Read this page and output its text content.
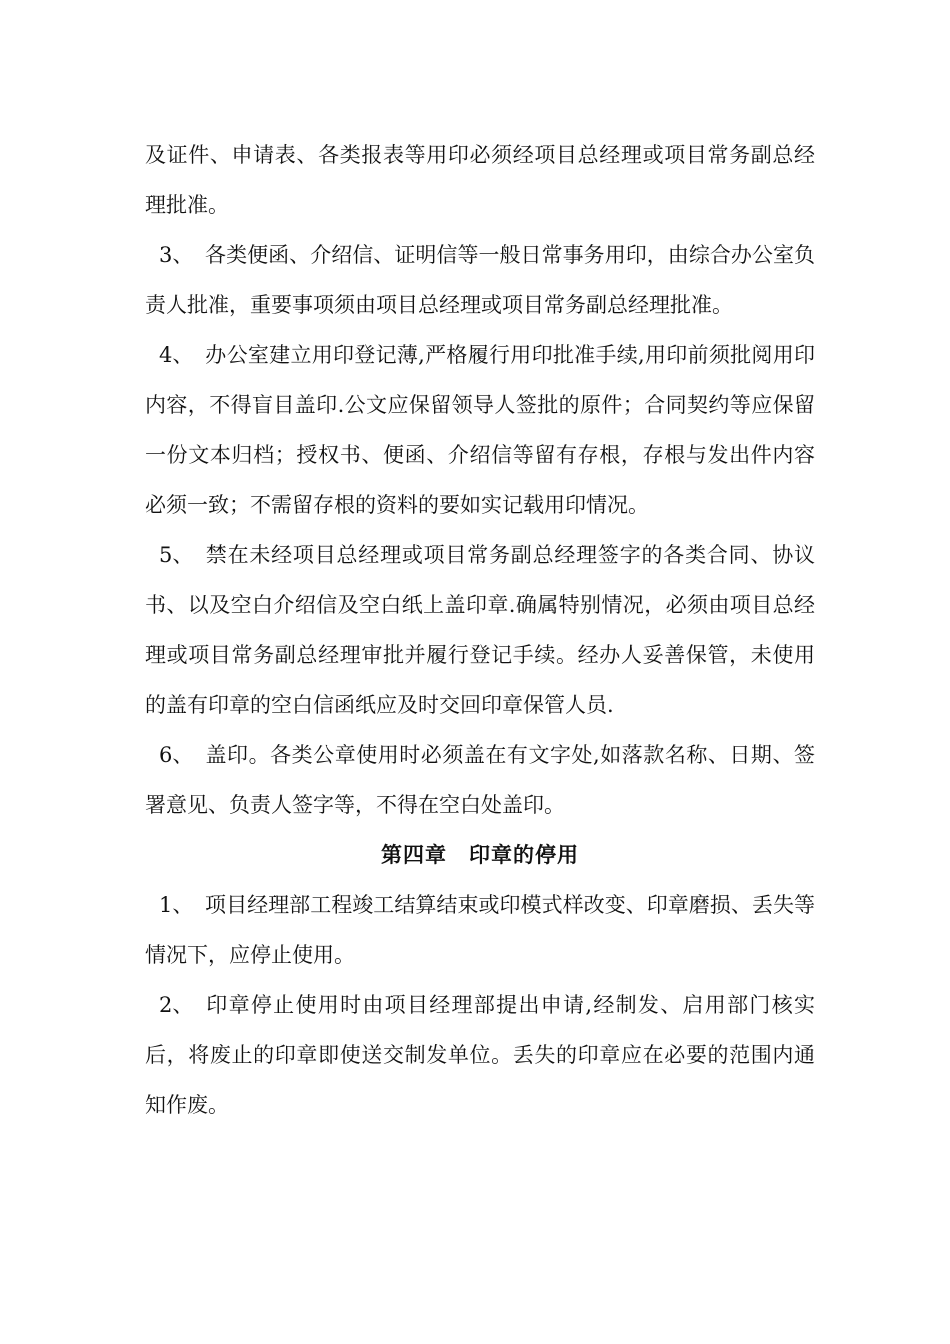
及证件、申请表、各类报表等用印必须经项目总经理或项目常务副总经理批准。

3、 各类便函、介绍信、证明信等一般日常事务用印，由综合办公室负责人批准，重要事项须由项目总经理或项目常务副总经理批准。

4、 办公室建立用印登记薄,严格履行用印批准手续,用印前须批阅用印内容，不得盲目盖印.公文应保留领导人签批的原件；合同契约等应保留一份文本归档；授权书、便函、介绍信等留有存根，存根与发出件内容必须一致；不需留存根的资料的要如实记载用印情况。

5、 禁在未经项目总经理或项目常务副总经理签字的各类合同、协议书、以及空白介绍信及空白纸上盖印章.确属特别情况，必须由项目总经理或项目常务副总经理审批并履行登记手续。经办人妥善保管，未使用的盖有印章的空白信函纸应及时交回印章保管人员.

6、 盖印。各类公章使用时必须盖在有文字处,如落款名称、日期、签署意见、负责人签字等，不得在空白处盖印。

第四章　印章的停用

1、 项目经理部工程竣工结算结束或印模式样改变、印章磨损、丢失等情况下，应停止使用。

2、 印章停止使用时由项目经理部提出申请,经制发、启用部门核实后，将废止的印章即使送交制发单位。丢失的印章应在必要的范围内通知作废。
